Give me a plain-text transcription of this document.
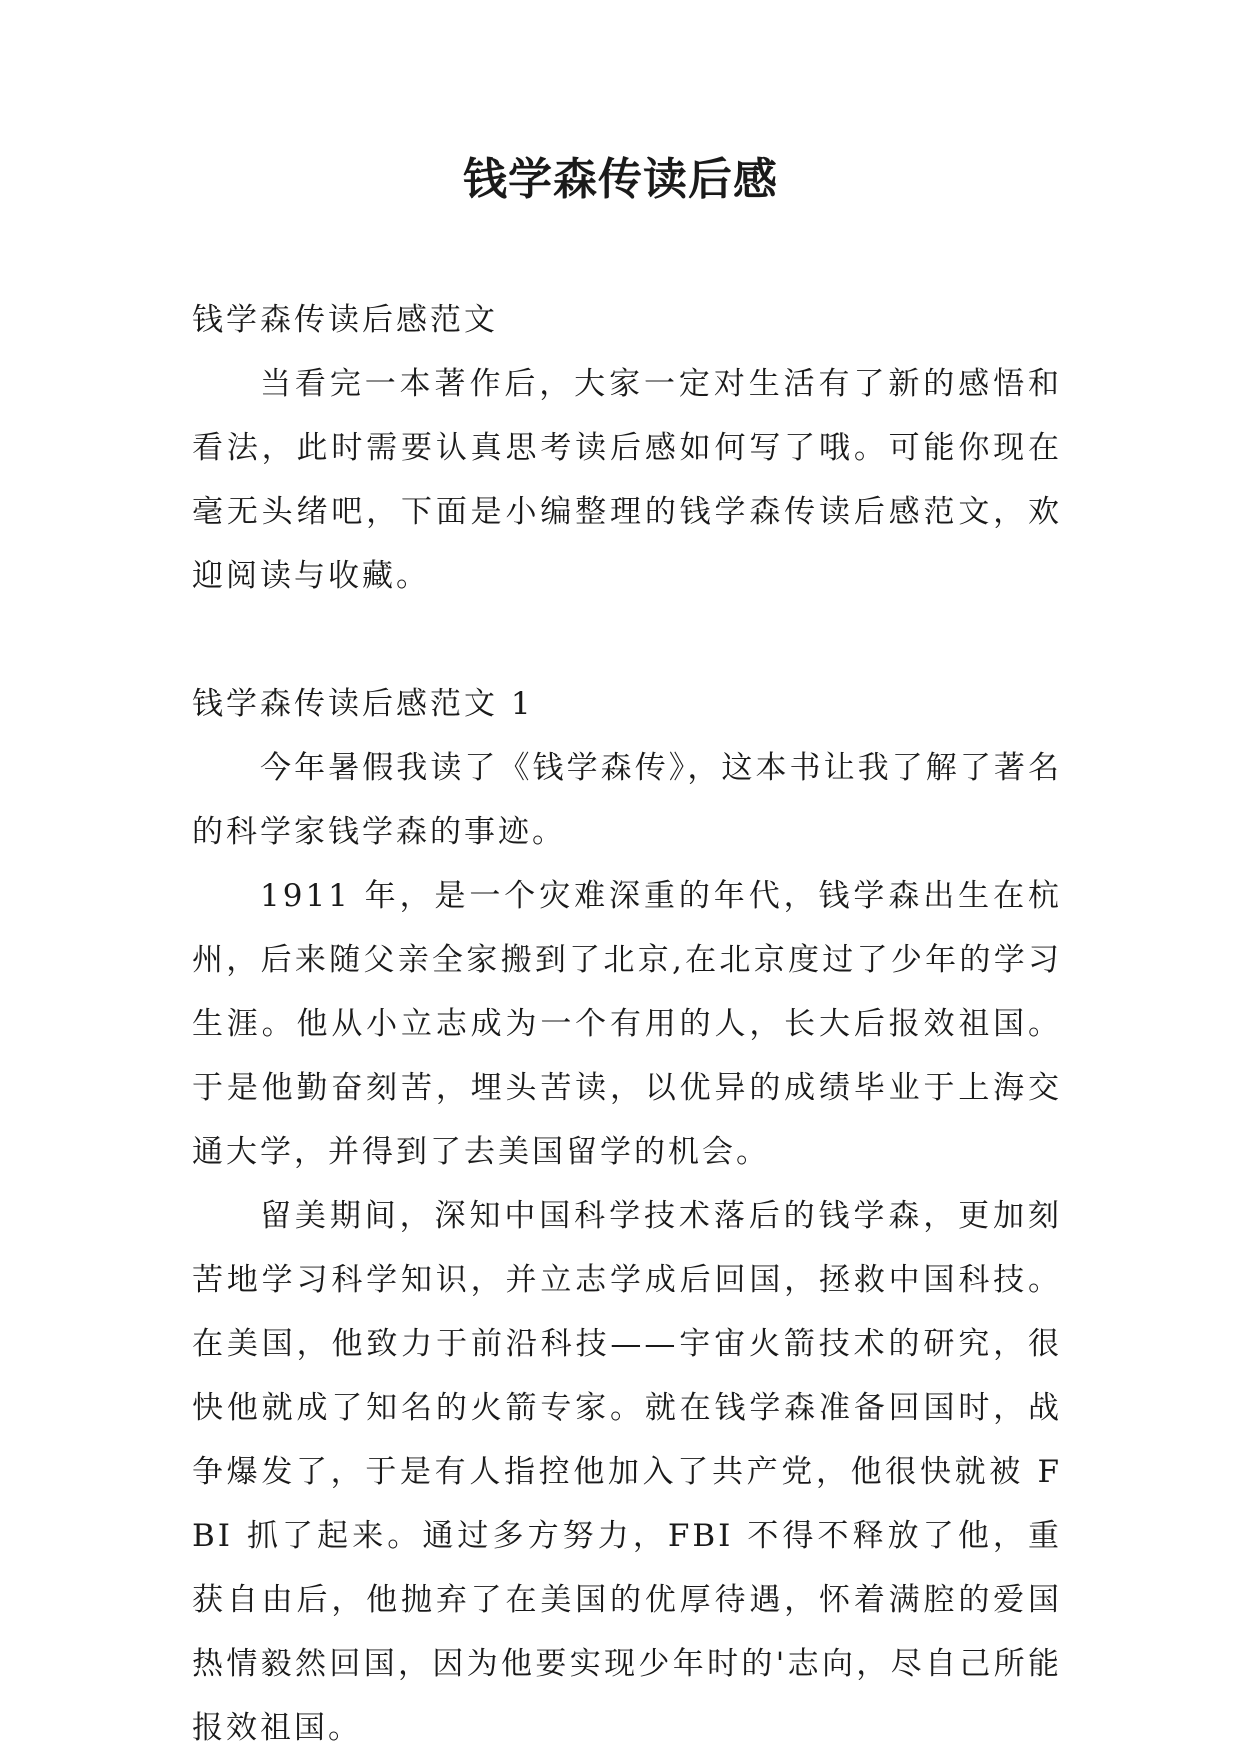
钱学森传读后感

钱学森传读后感范文

当看完一本著作后，大家一定对生活有了新的感悟和看法，此时需要认真思考读后感如何写了哦。可能你现在毫无头绪吧，下面是小编整理的钱学森传读后感范文，欢迎阅读与收藏。

钱学森传读后感范文 1

今年暑假我读了《钱学森传》，这本书让我了解了著名的科学家钱学森的事迹。

1911 年，是一个灾难深重的年代，钱学森出生在杭州，后来随父亲全家搬到了北京,在北京度过了少年的学习生涯。他从小立志成为一个有用的人，长大后报效祖国。于是他勤奋刻苦，埋头苦读，以优异的成绩毕业于上海交通大学，并得到了去美国留学的机会。

留美期间，深知中国科学技术落后的钱学森，更加刻苦地学习科学知识，并立志学成后回国，拯救中国科技。在美国，他致力于前沿科技——宇宙火箭技术的研究，很快他就成了知名的火箭专家。就在钱学森准备回国时，战争爆发了，于是有人指控他加入了共产党，他很快就被 FBI 抓了起来。通过多方努力，FBI 不得不释放了他，重获自由后，他抛弃了在美国的优厚待遇，怀着满腔的爱国热情毅然回国，因为他要实现少年时的'志向，尽自己所能报效祖国。
